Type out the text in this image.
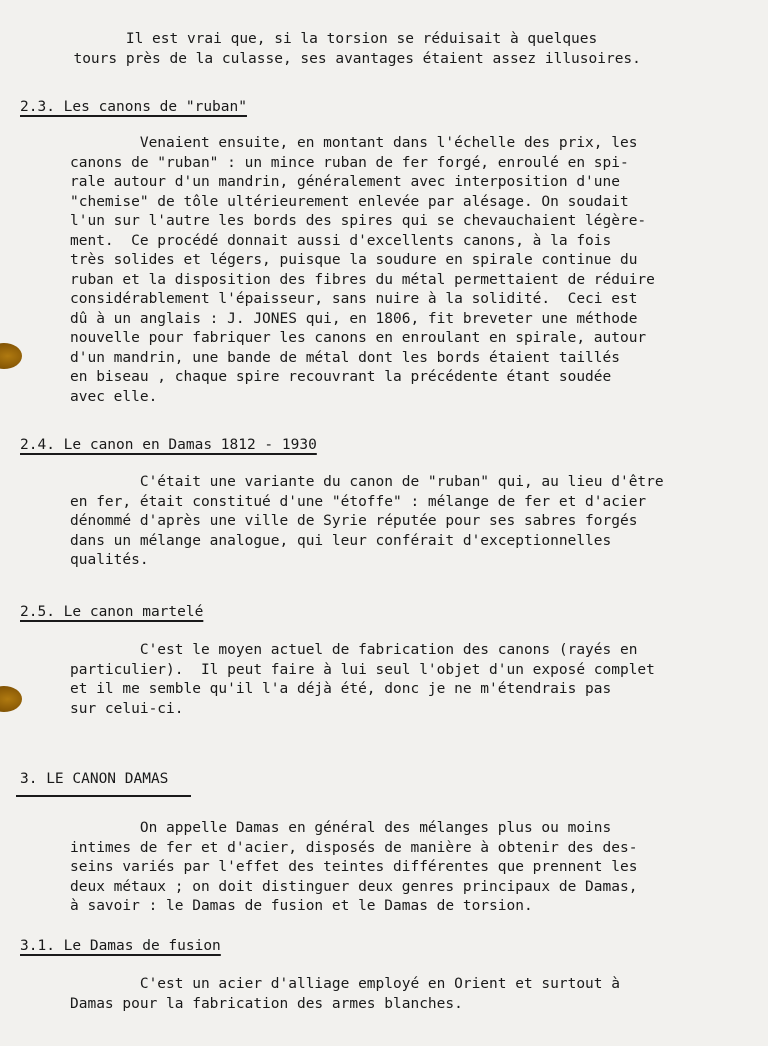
Il est vrai que, si la torsion se réduisait à quelques
tours près de la culasse, ses avantages étaient assez illusoires.
2.3. Les canons de "ruban"
Venaient ensuite, en montant dans l'échelle des prix, les
canons de "ruban" : un mince ruban de fer forgé, enroulé en spi-
rale autour d'un mandrin, généralement avec interposition d'une
"chemise" de tôle ultérieurement enlevée par alésage. On soudait
l'un sur l'autre les bords des spires qui se chevauchaient légère-
ment.  Ce procédé donnait aussi d'excellents canons, à la fois
très solides et légers, puisque la soudure en spirale continue du
ruban et la disposition des fibres du métal permettaient de réduire
considérablement l'épaisseur, sans nuire à la solidité.  Ceci est
dû à un anglais : J. JONES qui, en 1806, fit breveter une méthode
nouvelle pour fabriquer les canons en enroulant en spirale, autour
d'un mandrin, une bande de métal dont les bords étaient taillés
en biseau , chaque spire recouvrant la précédente étant soudée
avec elle.
2.4. Le canon en Damas 1812 - 1930
C'était une variante du canon de "ruban" qui, au lieu d'être
en fer, était constitué d'une "étoffe" : mélange de fer et d'acier
dénommé d'après une ville de Syrie réputée pour ses sabres forgés
dans un mélange analogue, qui leur conférait d'exceptionnelles
qualités.
2.5. Le canon martelé
C'est le moyen actuel de fabrication des canons (rayés en
particulier).  Il peut faire à lui seul l'objet d'un exposé complet
et il me semble qu'il l'a déjà été, donc je ne m'étendrais pas
sur celui-ci.
3. LE CANON DAMAS
On appelle Damas en général des mélanges plus ou moins
intimes de fer et d'acier, disposés de manière à obtenir des des-
seins variés par l'effet des teintes différentes que prennent les
deux métaux ; on doit distinguer deux genres principaux de Damas,
à savoir : le Damas de fusion et le Damas de torsion.
3.1. Le Damas de fusion
C'est un acier d'alliage employé en Orient et surtout à
Damas pour la fabrication des armes blanches.
